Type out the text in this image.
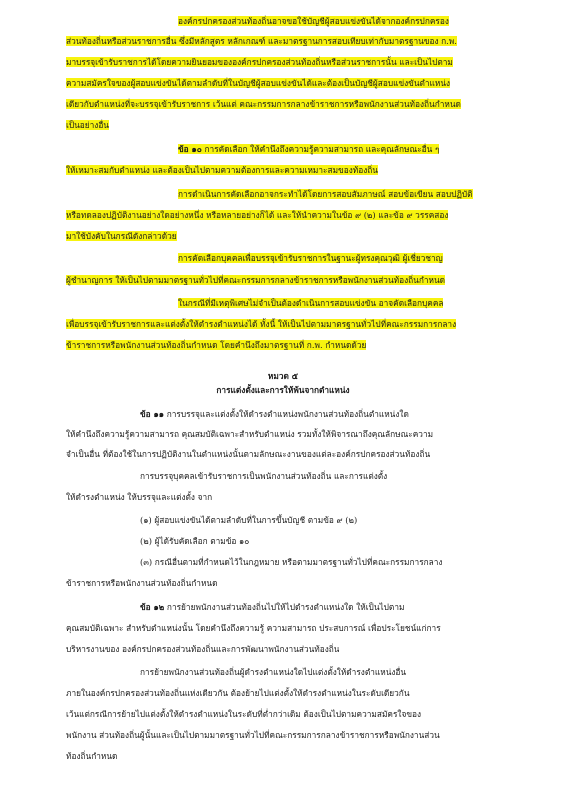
องค์กรปกครองส่วนท้องถิ่นอาจขอใช้บัญชีผู้สอบแข่งขันได้จากองค์กรปกครอง
ส่วนท้องถิ่นหรือส่วนราชการอื่น ซึ่งมีหลักสูตร หลักเกณฑ์ และมาตรฐานการสอบเทียบเท่ากับมาตรฐานของ ก.พ.
มาบรรจุเข้ารับราชการได้โดยความยินยอมขององค์กรปกครองส่วนท้องถิ่นหรือส่วนราชการนั้น และเป็นไปตาม
ความสมัครใจของผู้สอบแข่งขันได้ตามลำดับที่ในบัญชีผู้สอบแข่งขันได้และต้องเป็นบัญชีผู้สอบแข่งขันตำแหน่ง
เดียวกับตำแหน่งที่จะบรรจุเข้ารับราชการ เว้นแต่ คณะกรรมการกลางข้าราชการหรือพนักงานส่วนท้องถิ่นกำหนด
เป็นอย่างอื่น
ข้อ ๑๐ การคัดเลือก ให้คำนึงถึงความรู้ความสามารถ และคุณลักษณะอื่น ๆ
ให้เหมาะสมกับตำแหน่ง และต้องเป็นไปตามความต้องการและความเหมาะสมของท้องถิ่น
การดำเนินการคัดเลือกอาจกระทำได้โดยการสอบสัมภาษณ์ สอบข้อเขียน สอบปฏิบัติ
หรือทดลองปฏิบัติงานอย่างใดอย่างหนึ่ง หรือหลายอย่างก็ได้ และให้นำความในข้อ ๙ (๒) และข้อ ๙ วรรคสอง
มาใช้บังคับในกรณีดังกล่าวด้วย
การคัดเลือกบุคคลเพื่อบรรจุเข้ารับราชการในฐานะผู้ทรงคุณวุฒิ ผู้เชี่ยวชาญ
ผู้ชำนาญการ ให้เป็นไปตามมาตรฐานทั่วไปที่คณะกรรมการกลางข้าราชการหรือพนักงานส่วนท้องถิ่นกำหนด
ในกรณีที่มีเหตุพิเศษไม่จำเป็นต้องดำเนินการสอบแข่งขัน อาจคัดเลือกบุคคล
เพื่อบรรจุเข้ารับราชการและแต่งตั้งให้ดำรงตำแหน่งได้ ทั้งนี้ ให้เป็นไปตามมาตรฐานทั่วไปที่คณะกรรมการกลาง
ข้าราชการหรือพนักงานส่วนท้องถิ่นกำหนด โดยคำนึงถึงมาตรฐานที่ ก.พ. กำหนดด้วย
หมวด ๕
การแต่งตั้งและการให้พ้นจากตำแหน่ง
ข้อ ๑๑ การบรรจุและแต่งตั้งให้ดำรงตำแหน่งพนักงานส่วนท้องถิ่นตำแหน่งใด
ให้คำนึงถึงความรู้ความสามารถ คุณสมบัติเฉพาะสำหรับตำแหน่ง รวมทั้งให้พิจารณาถึงคุณลักษณะความ
จำเป็นอื่น ที่ต้องใช้ในการปฏิบัติงานในตำแหน่งนั้นตามลักษณะงานของแต่ละองค์กรปกครองส่วนท้องถิ่น
การบรรจุบุคคลเข้ารับราชการเป็นพนักงานส่วนท้องถิ่น และการแต่งตั้ง
ให้ดำรงตำแหน่ง ให้บรรจุและแต่งตั้ง จาก
(๑) ผู้สอบแข่งขันได้ตามลำดับที่ในการขึ้นบัญชี ตามข้อ ๙ (๒)
(๒) ผู้ได้รับคัดเลือก ตามข้อ ๑๐
(๓) กรณีอื่นตามที่กำหนดไว้ในกฎหมาย หรือตามมาตรฐานทั่วไปที่คณะกรรมการกลาง
ข้าราชการหรือพนักงานส่วนท้องถิ่นกำหนด
ข้อ ๑๒ การย้ายพนักงานส่วนท้องถิ่นไปให้ไปดำรงตำแหน่งใด ให้เป็นไปตาม
คุณสมบัติเฉพาะ สำหรับตำแหน่งนั้น โดยคำนึงถึงความรู้ ความสามารถ ประสบการณ์ เพื่อประโยชน์แก่การ
บริหารงานของ องค์กรปกครองส่วนท้องถิ่นและการพัฒนาพนักงานส่วนท้องถิ่น
การย้ายพนักงานส่วนท้องถิ่นผู้ดำรงตำแหน่งใดไปแต่งตั้งให้ดำรงตำแหน่งอื่น
ภายในองค์กรปกครองส่วนท้องถิ่นแห่งเดียวกัน ต้องย้ายไปแต่งตั้งให้ดำรงตำแหน่งในระดับเดียวกัน
เว้นแต่กรณีการย้ายไปแต่งตั้งให้ดำรงตำแหน่งในระดับที่ต่ำกว่าเดิม ต้องเป็นไปตามความสมัครใจของ
พนักงาน ส่วนท้องถิ่นผู้นั้นและเป็นไปตามมาตรฐานทั่วไปที่คณะกรรมการกลางข้าราชการหรือพนักงานส่วน
ท้องถิ่นกำหนด
